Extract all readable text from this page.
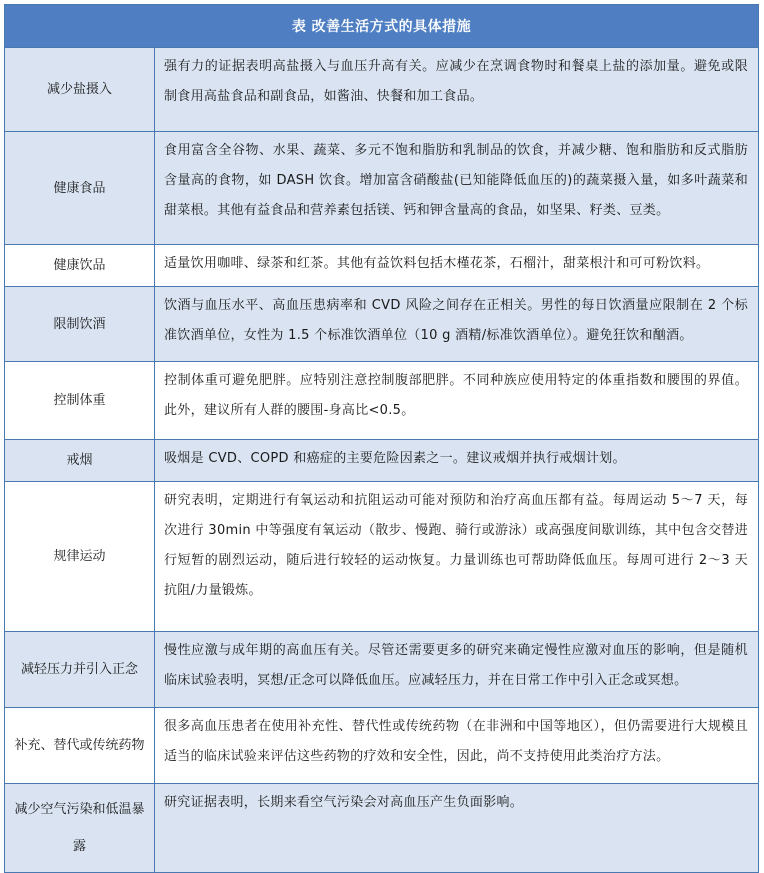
表 改善生活方式的具体措施
减少盐摄入
强有力的证据表明高盐摄入与血压升高有关。应减少在烹调食物时和餐桌上盐的添加量。避免或限制食用高盐食品和副食品，如酱油、快餐和加工食品。
健康食品
食用富含全谷物、水果、蔬菜、多元不饱和脂肪和乳制品的饮食，并减少糖、饱和脂肪和反式脂肪含量高的食物，如 DASH 饮食。增加富含硝酸盐(已知能降低血压的)的蔬菜摄入量，如多叶蔬菜和甜菜根。其他有益食品和营养素包括镁、钙和钾含量高的食品，如坚果、籽类、豆类。
健康饮品	适量饮用咖啡、绿茶和红茶。其他有益饮料包括木槿花茶，石榴汁，甜菜根汁和可可粉饮料。
限制饮酒
饮酒与血压水平、高血压患病率和 CVD 风险之间存在正相关。男性的每日饮酒量应限制在 2 个标准饮酒单位，女性为 1.5 个标准饮酒单位（10 g 酒精/标准饮酒单位）。避免狂饮和酗酒。
控制体重
控制体重可避免肥胖。应特别注意控制腹部肥胖。不同种族应使用特定的体重指数和腰围的界值。此外，建议所有人群的腰围-身高比<0.5。
戒烟	吸烟是 CVD、COPD 和癌症的主要危险因素之一。建议戒烟并执行戒烟计划。
规律运动
研究表明，定期进行有氧运动和抗阻运动可能对预防和治疗高血压都有益。每周运动 5～7 天，每次进行 30min 中等强度有氧运动（散步、慢跑、骑行或游泳）或高强度间歇训练，其中包含交替进行短暂的剧烈运动，随后进行较轻的运动恢复。力量训练也可帮助降低血压。每周可进行 2～3 天抗阻/力量锻炼。
减轻压力并引入正念
慢性应激与成年期的高血压有关。尽管还需要更多的研究来确定慢性应激对血压的影响，但是随机临床试验表明，冥想/正念可以降低血压。应减轻压力，并在日常工作中引入正念或冥想。
补充、替代或传统药物
很多高血压患者在使用补充性、替代性或传统药物（在非洲和中国等地区），但仍需要进行大规模且适当的临床试验来评估这些药物的疗效和安全性，因此，尚不支持使用此类治疗方法。
减少空气污染和低温暴露
研究证据表明，长期来看空气污染会对高血压产生负面影响。
